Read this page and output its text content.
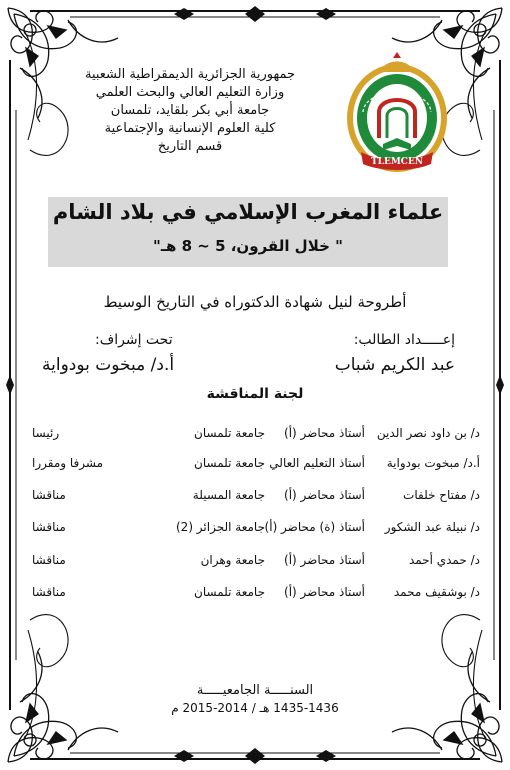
جمهورية الجزائرية الديمقراطية الشعبية
وزارة التعليم العالي والبحث العلمي
جامعة أبي بكر بلقايد، تلمسان
كلية العلوم الإنسانية والإجتماعية
قسم التاريخ
TLEMCEN
علماء المغرب الإسلامي في بلاد الشام
" خلال القرون، 5 ~ 8 هـ"
أطروحة لنيل شهادة الدكتوراه في التاريخ الوسيط
إعـــــداد الطالب:
عبد الكريم شباب
تحت إشراف:
أ.د/ مبخوت بودواية
لجنة المناقشة
د/ بن داود نصر الدين
أستاذ محاضر (أ)
جامعة تلمسان
رئيسا
أ.د/ مبخوت بودواية
أستاذ التعليم العالي
جامعة تلمسان
مشرفا ومقررا
د/ مفتاح خلفات
أستاذ محاضر (أ)
جامعة المسيلة
مناقشا
د/ نبيلة عبد الشكور
أستاذ (ة) محاضر (أ)
جامعة الجزائر (2)
مناقشا
د/ حمدي أحمد
أستاذ محاضر (أ)
جامعة وهران
مناقشا
د/ بوشقيف محمد
أستاذ محاضر (أ)
جامعة تلمسان
مناقشا
السنـــــة الجامعيـــــة
1435-1436 هـ / 2014-2015 م
